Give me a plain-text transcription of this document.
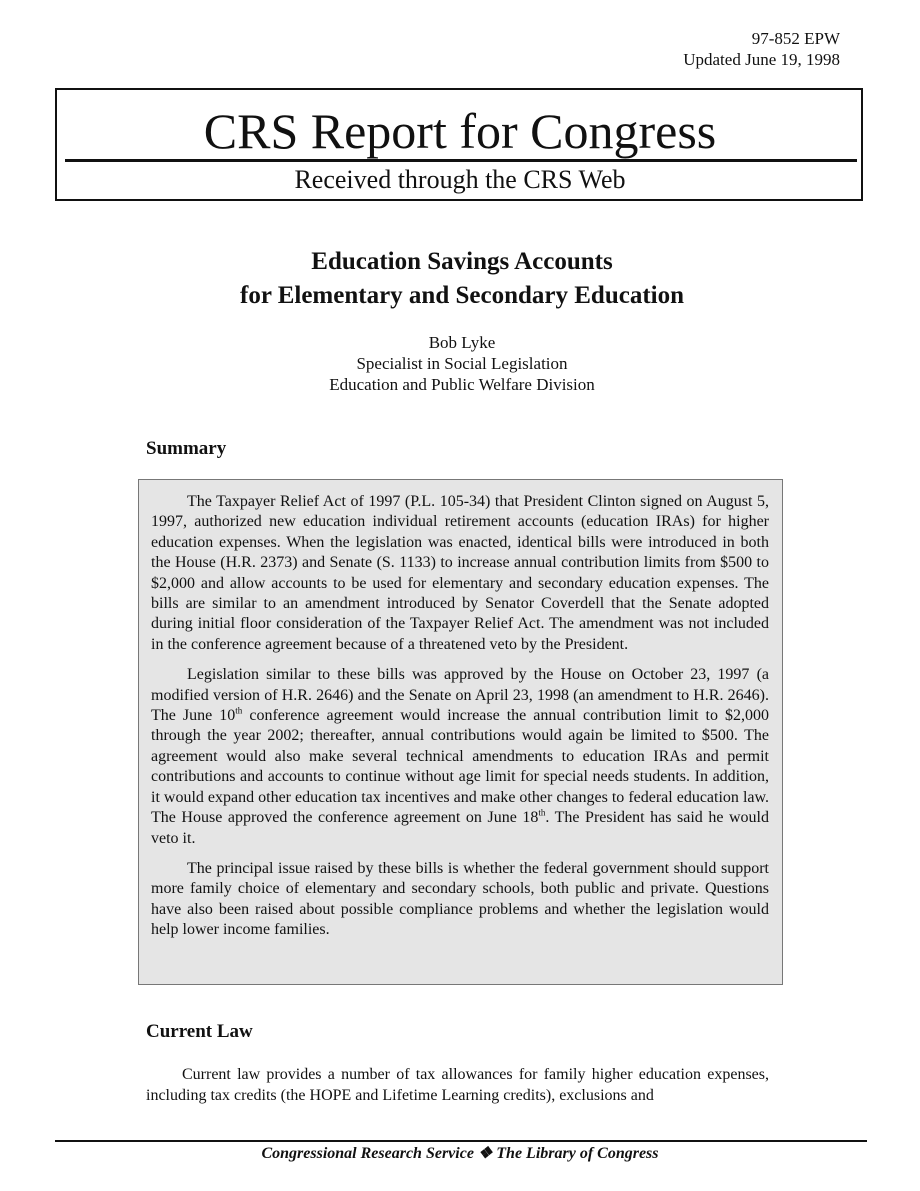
97-852 EPW
Updated June 19, 1998
CRS Report for Congress
Received through the CRS Web
Education Savings Accounts
for Elementary and Secondary Education
Bob Lyke
Specialist in Social Legislation
Education and Public Welfare Division
Summary

The Taxpayer Relief Act of 1997 (P.L. 105-34) that President Clinton signed on August 5, 1997, authorized new education individual retirement accounts (education IRAs) for higher education expenses. When the legislation was enacted, identical bills were introduced in both the House (H.R. 2373) and Senate (S. 1133) to increase annual contribution limits from $500 to $2,000 and allow accounts to be used for elementary and secondary education expenses. The bills are similar to an amendment introduced by Senator Coverdell that the Senate adopted during initial floor consideration of the Taxpayer Relief Act. The amendment was not included in the conference agreement because of a threatened veto by the President.

Legislation similar to these bills was approved by the House on October 23, 1997 (a modified version of H.R. 2646) and the Senate on April 23, 1998 (an amendment to H.R. 2646). The June 10th conference agreement would increase the annual contribution limit to $2,000 through the year 2002; thereafter, annual contributions would again be limited to $500. The agreement would also make several technical amendments to education IRAs and permit contributions and accounts to continue without age limit for special needs students. In addition, it would expand other education tax incentives and make other changes to federal education law. The House approved the conference agreement on June 18th. The President has said he would veto it.

The principal issue raised by these bills is whether the federal government should support more family choice of elementary and secondary schools, both public and private. Questions have also been raised about possible compliance problems and whether the legislation would help lower income families.

Current Law
Current law provides a number of tax allowances for family higher education expenses, including tax credits (the HOPE and Lifetime Learning credits), exclusions and
Congressional Research Service ❖ The Library of Congress
